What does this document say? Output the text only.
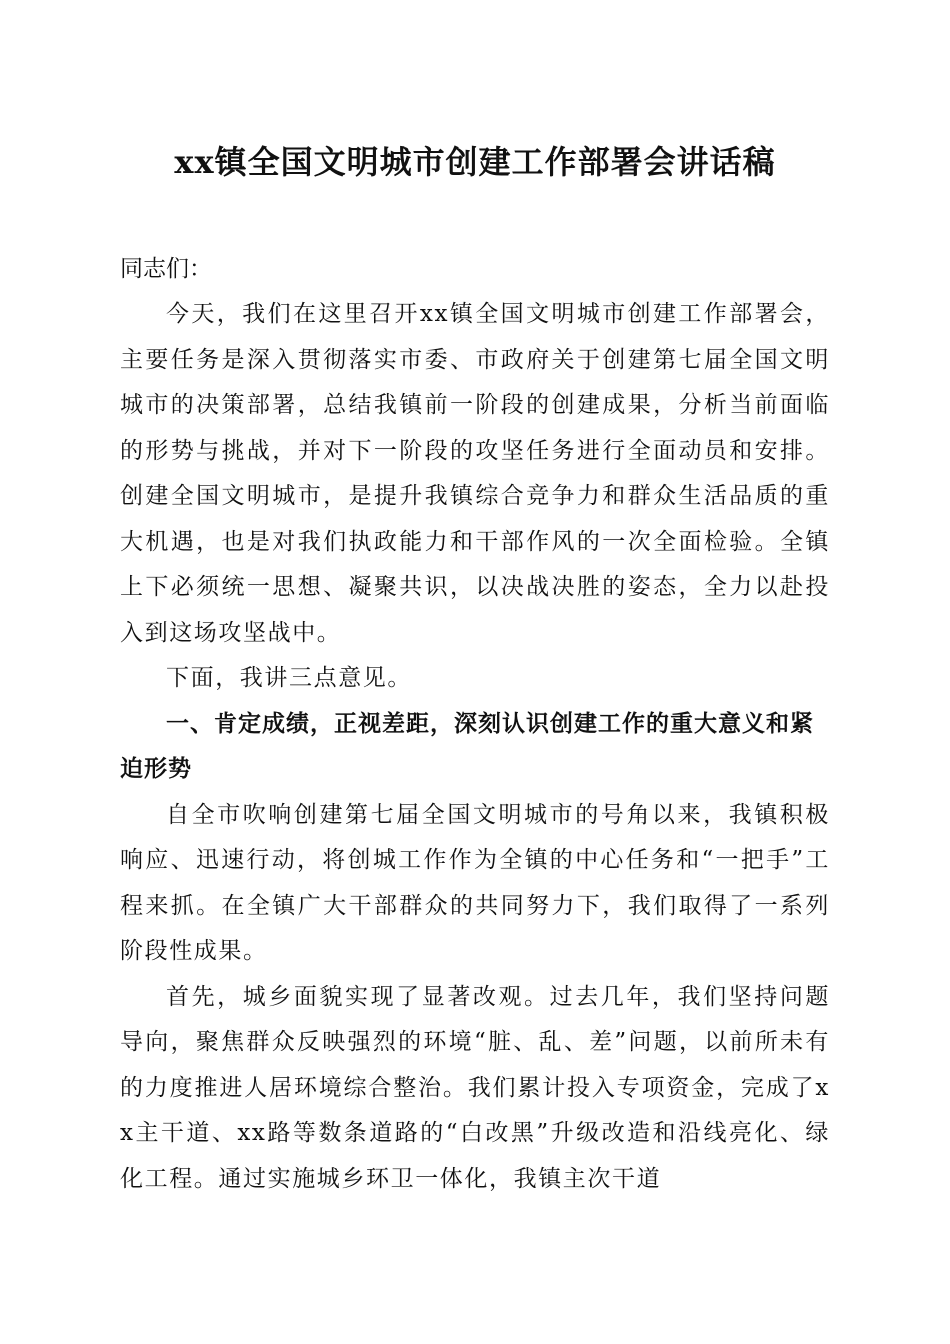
xx镇全国文明城市创建工作部署会讲话稿

同志们：

今天，我们在这里召开xx镇全国文明城市创建工作部署会，主要任务是深入贯彻落实市委、市政府关于创建第七届全国文明城市的决策部署，总结我镇前一阶段的创建成果，分析当前面临的形势与挑战，并对下一阶段的攻坚任务进行全面动员和安排。创建全国文明城市，是提升我镇综合竞争力和群众生活品质的重大机遇，也是对我们执政能力和干部作风的一次全面检验。全镇上下必须统一思想、凝聚共识，以决战决胜的姿态，全力以赴投入到这场攻坚战中。

下面，我讲三点意见。

一、肯定成绩，正视差距，深刻认识创建工作的重大意义和紧迫形势

自全市吹响创建第七届全国文明城市的号角以来，我镇积极响应、迅速行动，将创城工作作为全镇的中心任务和“一把手”工程来抓。在全镇广大干部群众的共同努力下，我们取得了一系列阶段性成果。

首先，城乡面貌实现了显著改观。过去几年，我们坚持问题导向，聚焦群众反映强烈的环境“脏、乱、差”问题，以前所未有的力度推进人居环境综合整治。我们累计投入专项资金，完成了xx主干道、xx路等数条道路的“白改黑”升级改造和沿线亮化、绿化工程。通过实施城乡环卫一体化，我镇主次干道
